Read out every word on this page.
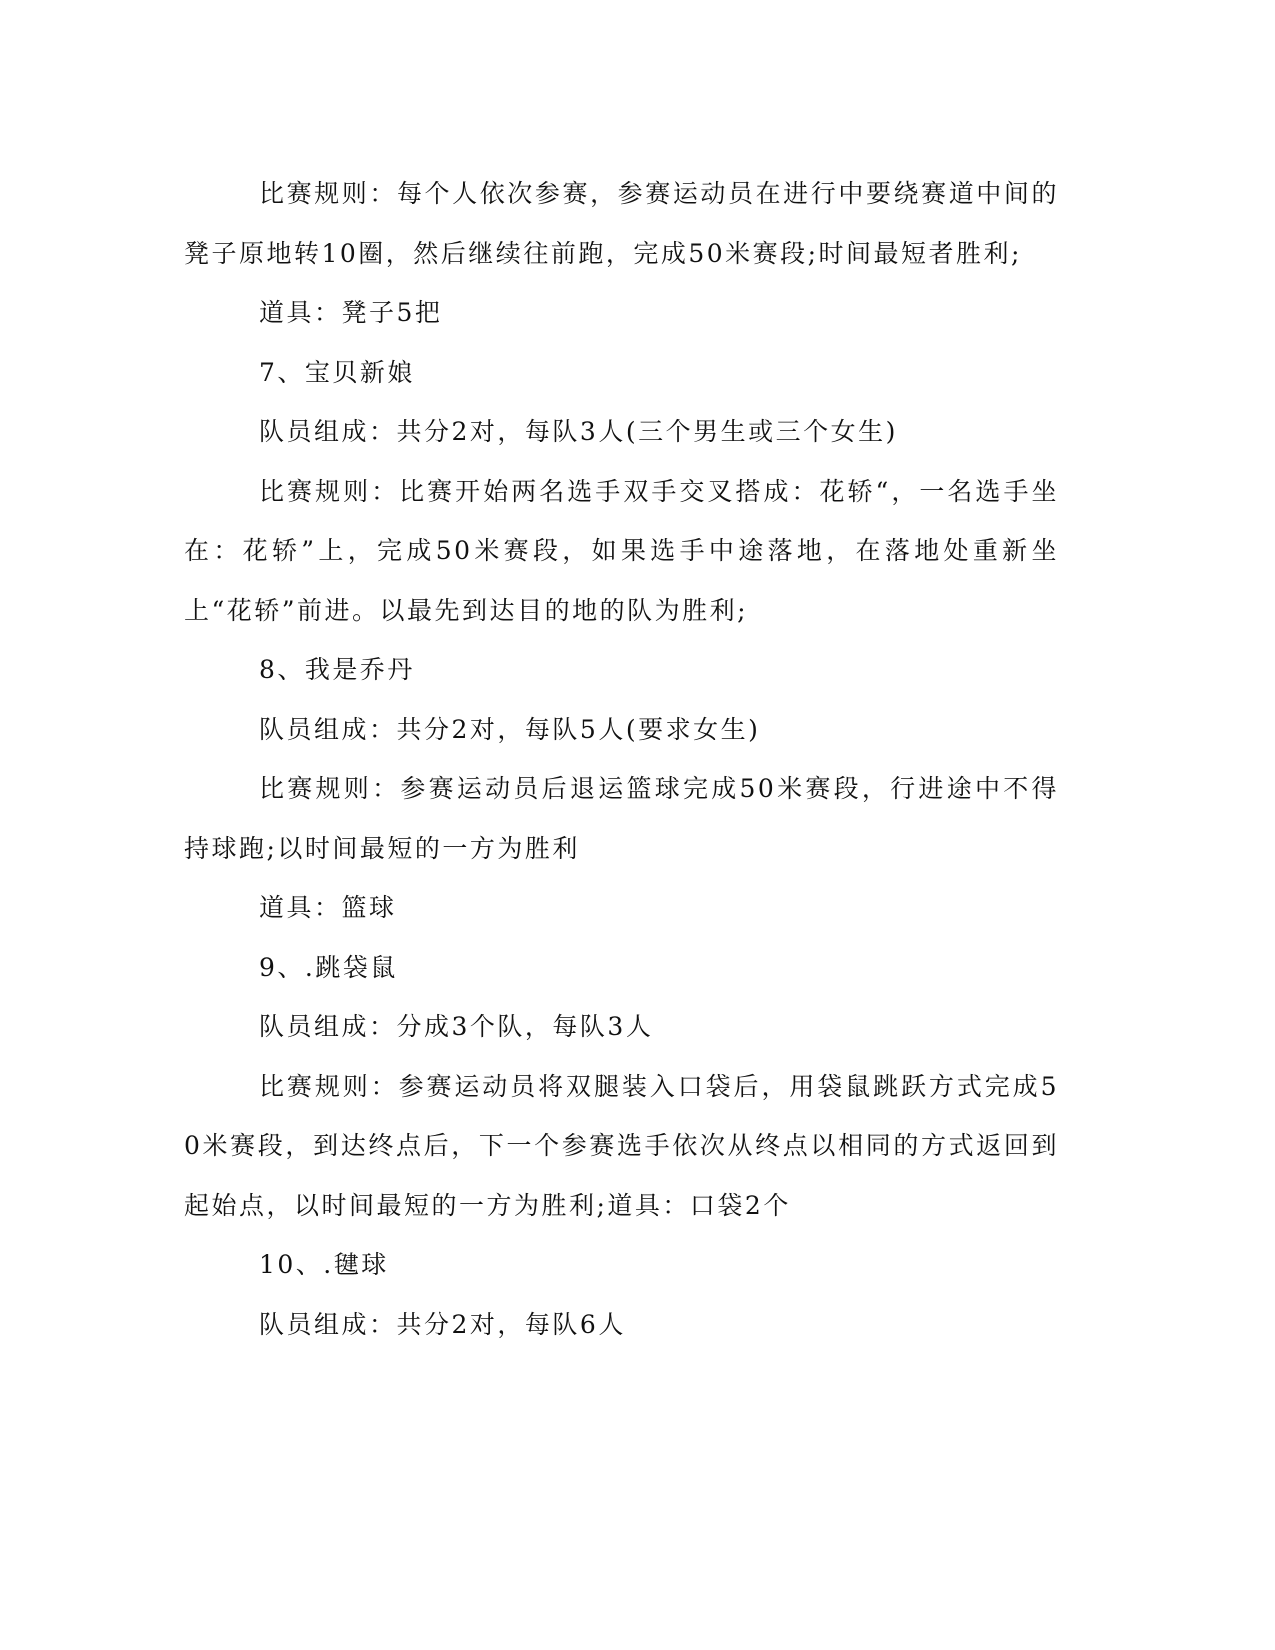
比赛规则：每个人依次参赛，参赛运动员在进行中要绕赛道中间的凳子原地转10圈，然后继续往前跑，完成50米赛段;时间最短者胜利;

道具：凳子5把

7、宝贝新娘

队员组成：共分2对，每队3人(三个男生或三个女生)

比赛规则：比赛开始两名选手双手交叉搭成：花轿“，一名选手坐在：花轿”上，完成50米赛段，如果选手中途落地，在落地处重新坐上“花轿”前进。以最先到达目的地的队为胜利;

8、我是乔丹

队员组成：共分2对，每队5人(要求女生)

比赛规则：参赛运动员后退运篮球完成50米赛段，行进途中不得持球跑;以时间最短的一方为胜利

道具：篮球

9、.跳袋鼠

队员组成：分成3个队，每队3人

比赛规则：参赛运动员将双腿装入口袋后，用袋鼠跳跃方式完成50米赛段，到达终点后，下一个参赛选手依次从终点以相同的方式返回到起始点，以时间最短的一方为胜利;道具：口袋2个

10、.毽球

队员组成：共分2对，每队6人
